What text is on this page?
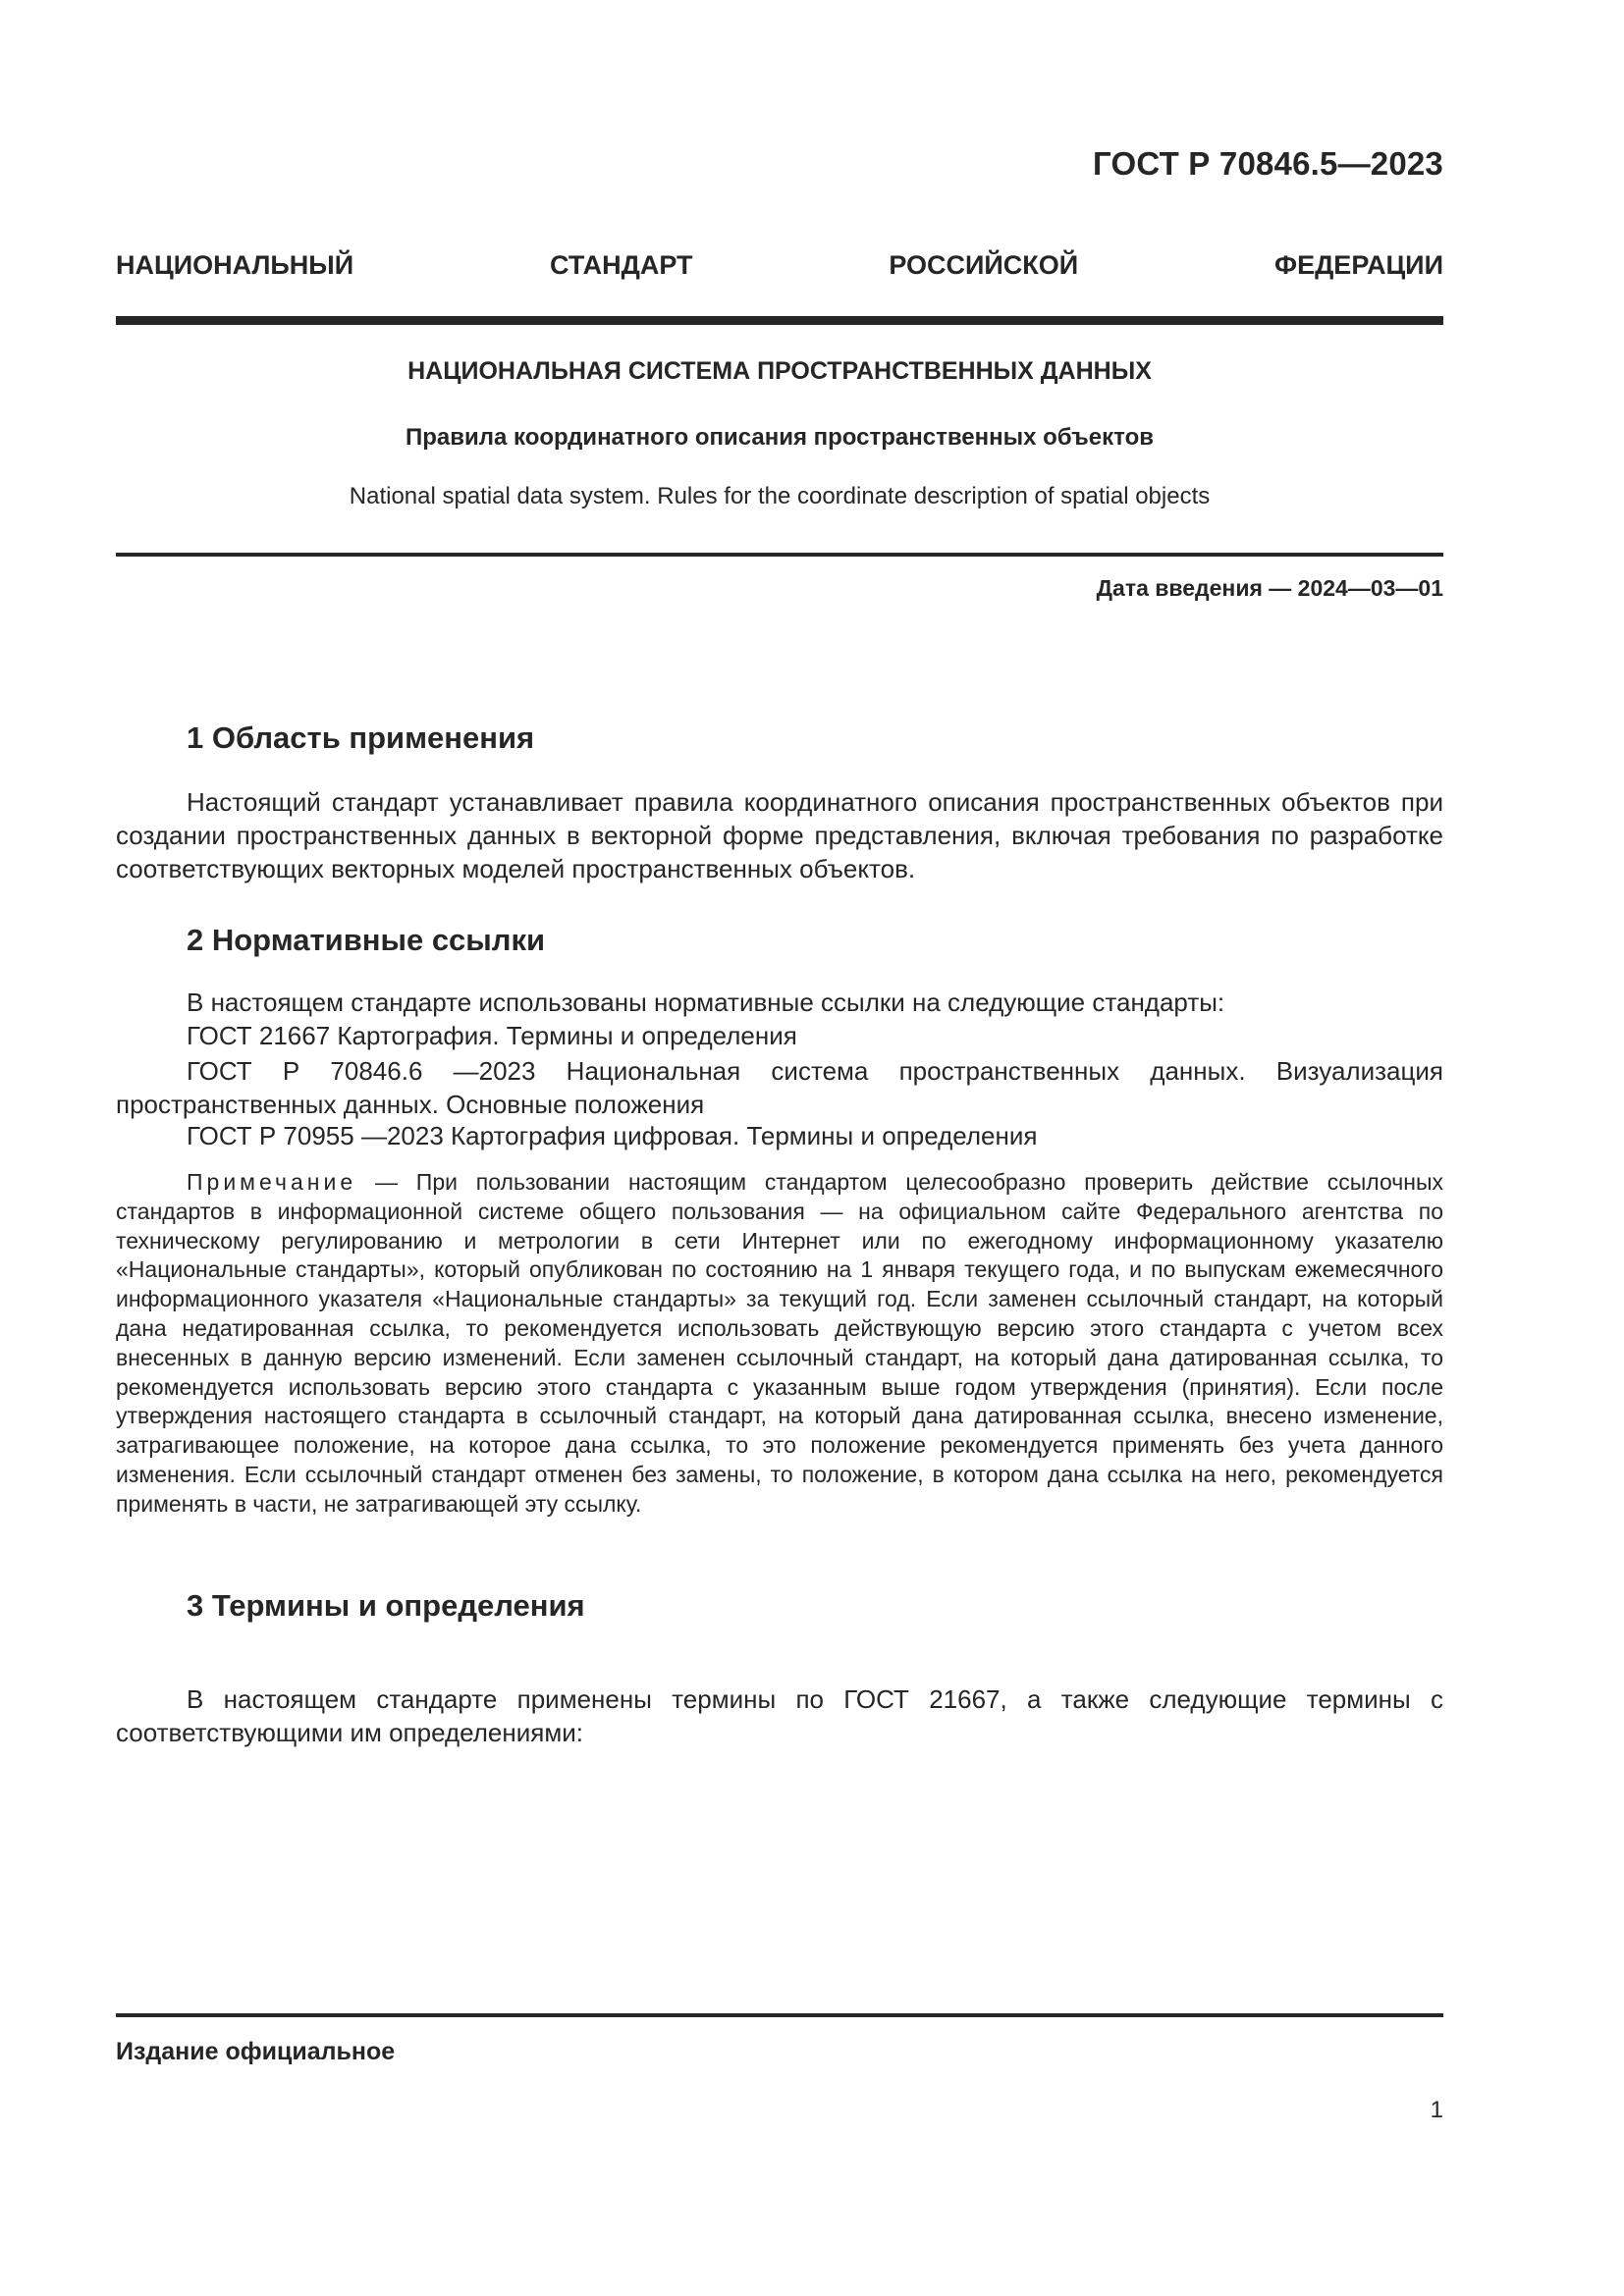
ГОСТ Р 70846.5—2023
НАЦИОНАЛЬНЫЙ СТАНДАРТ РОССИЙСКОЙ ФЕДЕРАЦИИ
НАЦИОНАЛЬНАЯ СИСТЕМА ПРОСТРАНСТВЕННЫХ ДАННЫХ
Правила координатного описания пространственных объектов
National spatial data system. Rules for the coordinate description of spatial objects
Дата введения — 2024—03—01
1 Область применения
Настоящий стандарт устанавливает правила координатного описания пространственных объектов при создании пространственных данных в векторной форме представления, включая требования по разработке соответствующих векторных моделей пространственных объектов.
2 Нормативные ссылки
В настоящем стандарте использованы нормативные ссылки на следующие стандарты:
ГОСТ 21667 Картография. Термины и определения
ГОСТ Р 70846.6 —2023 Национальная система пространственных данных. Визуализация пространственных данных. Основные положения
ГОСТ Р 70955 —2023 Картография цифровая. Термины и определения
Примечание — При пользовании настоящим стандартом целесообразно проверить действие ссылочных стандартов в информационной системе общего пользования — на официальном сайте Федерального агентства по техническому регулированию и метрологии в сети Интернет или по ежегодному информационному указателю «Национальные стандарты», который опубликован по состоянию на 1 января текущего года, и по выпускам ежемесячного информационного указателя «Национальные стандарты» за текущий год. Если заменен ссылочный стандарт, на который дана недатированная ссылка, то рекомендуется использовать действующую версию этого стандарта с учетом всех внесенных в данную версию изменений. Если заменен ссылочный стандарт, на который дана датированная ссылка, то рекомендуется использовать версию этого стандарта с указанным выше годом утверждения (принятия). Если после утверждения настоящего стандарта в ссылочный стандарт, на который дана датированная ссылка, внесено изменение, затрагивающее положение, на которое дана ссылка, то это положение рекомендуется применять без учета данного изменения. Если ссылочный стандарт отменен без замены, то положение, в котором дана ссылка на него, рекомендуется применять в части, не затрагивающей эту ссылку.
3 Термины и определения
В настоящем стандарте применены термины по ГОСТ 21667, а также следующие термины с соответствующими им определениями:
Издание официальное
1
